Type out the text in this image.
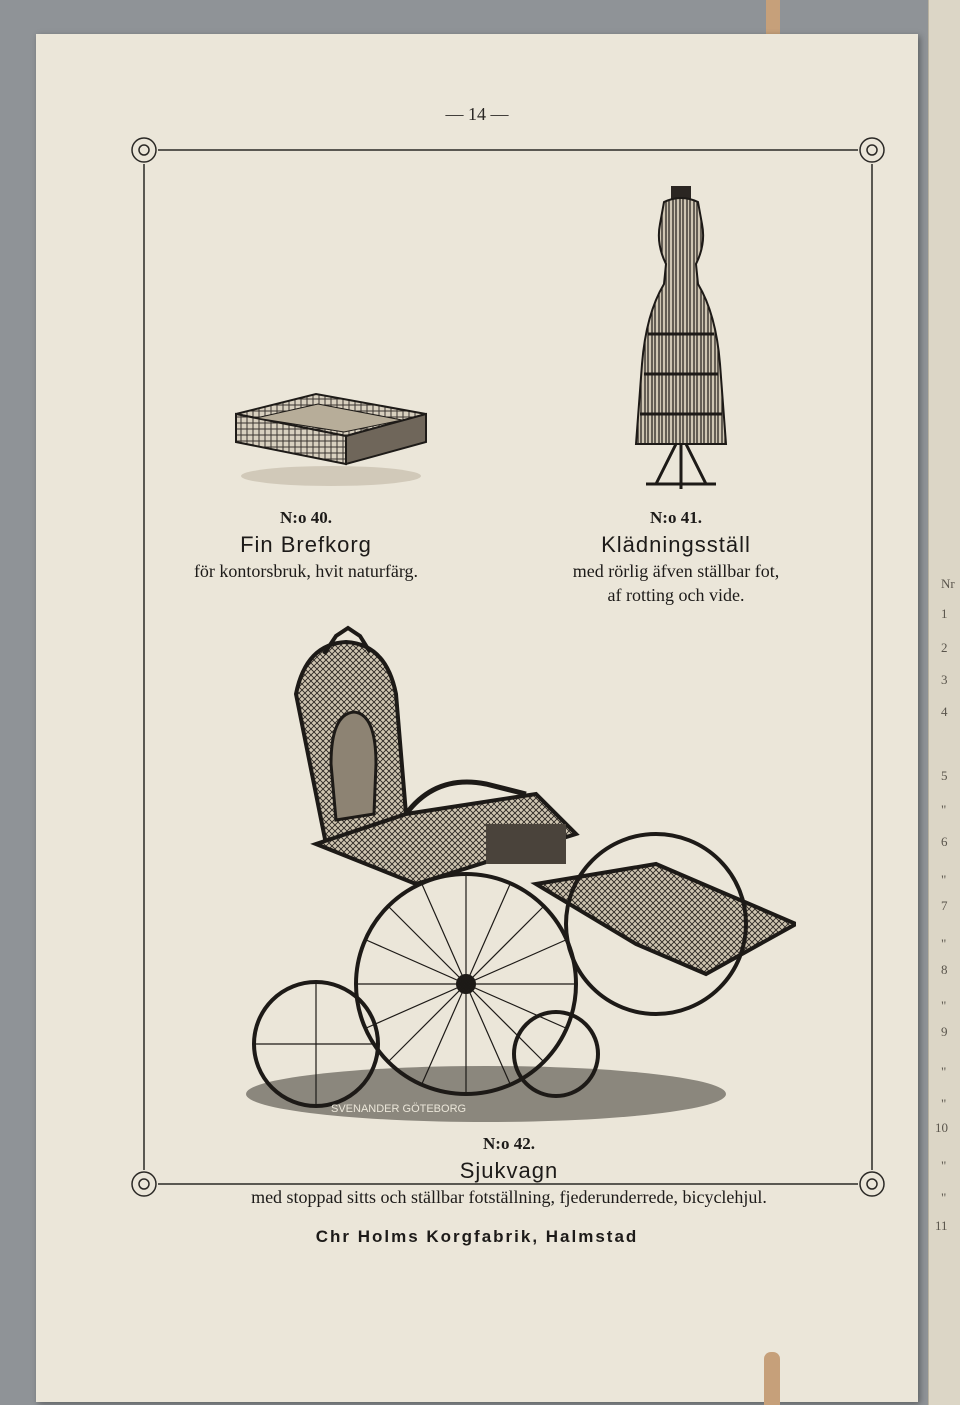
— 14 —
N:o 40.
Fin Brefkorg
för kontorsbruk, hvit naturfärg.
N:o 41.
Klädningsställ
med rörlig äfven ställbar fot,
af rotting och vide.
SVENANDER GÖTEBORG
N:o 42.
Sjukvagn
med stoppad sitts och ställbar fotställning, fjederunderrede, bicyclehjul.
Chr Holms Korgfabrik, Halmstad
Nr
1
2
3
4
5
"
6
"
7
"
8
"
9
"
"
10
"
"
11
